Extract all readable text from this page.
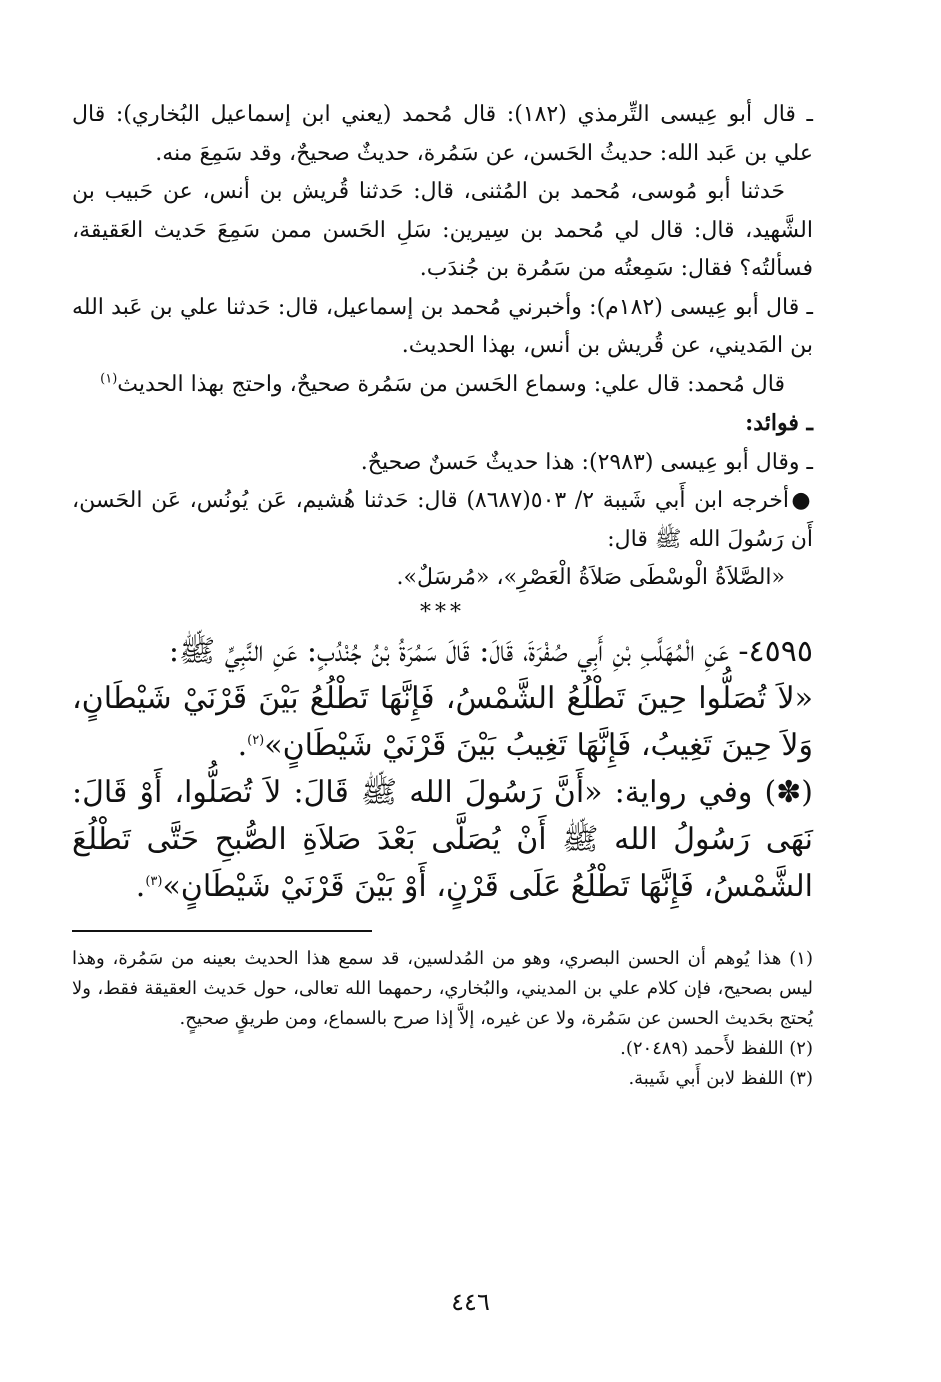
ـ قال أبو عِيسى التِّرمذي (١٨٢): قال مُحمد (يعني ابن إسماعيل البُخاري): قال علي بن عَبد الله: حديثُ الحَسن، عن سَمُرة، حديثٌ صحيحٌ، وقد سَمِعَ منه.

حَدثنا أبو مُوسى، مُحمد بن المُثنى، قال: حَدثنا قُريش بن أنس، عن حَبيب بن الشَّهيد، قال: قال لي مُحمد بن سِيرين: سَلِ الحَسن ممن سَمِعَ حَديث العَقيقة، فسألتُه؟ فقال: سَمِعتُه من سَمُرة بن جُندَب.

ـ قال أبو عِيسى (١٨٢م): وأخبرني مُحمد بن إسماعيل، قال: حَدثنا علي بن عَبد الله بن المَديني، عن قُريش بن أنس، بهذا الحديث.

قال مُحمد: قال علي: وسماع الحَسن من سَمُرة صحيحٌ، واحتج بهذا الحديث$^{(١)}$

ـ فوائد:

ـ وقال أبو عِيسى (٢٩٨٣): هذا حديثٌ حَسنٌ صحيحٌ.

●أخرجه ابن أَبي شَيبة ٢/ ٥٠٣(٨٦٨٧) قال: حَدثنا هُشيم، عَن يُونُس، عَن الحَسن، أَن رَسُولَ الله ﷺ قال:

«الصَّلاَةُ الْوسْطَى صَلاَةُ الْعَصْرِ»، «مُرسَلٌ».

***

٤٥٩٥- عَنِ الْمُهَلَّبِ بْنِ أَبِي صُفْرَةَ، قَالَ: قَالَ سَمُرَةُ بْنُ جُنْدُبٍ: عَنِ النَّبِيِّ ﷺ:

«لاَ تُصَلُّوا حِينَ تَطْلُعُ الشَّمْسُ، فَإِنَّهَا تَطْلُعُ بَيْنَ قَرْنَيْ شَيْطَانٍ، وَلاَ حِينَ تَغِيبُ، فَإِنَّهَا تَغِيبُ بَيْنَ قَرْنَيْ شَيْطَانٍ»$^{(٢)}$.

(✽) وفي رواية: «أَنَّ رَسُولَ الله ﷺ قَالَ: لاَ تُصَلُّوا، أَوْ قَالَ: نَهَى رَسُولُ الله ﷺ أَنْ يُصَلَّى بَعْدَ صَلاَةِ الصُّبحِ حَتَّى تَطْلُعَ الشَّمْسُ، فَإِنَّهَا تَطْلُعُ عَلَى قَرْنٍ، أَوْ بَيْنَ قَرْنَيْ شَيْطَانٍ»$^{(٣)}$.

(١) هذا يُوهم أن الحسن البصري، وهو من المُدلسين، قد سمع هذا الحديث بعينه من سَمُرة، وهذا ليس بصحيح، فإن كلام علي بن المديني، والبُخاري، رحمهما الله تعالى، حول حَديث العقيقة فقط، ولا يُحتج بحَديث الحسن عن سَمُرة، ولا عن غيره، إلاَّ إذا صرح بالسماع، ومن طريقٍ صحيحٍ.

(٢) اللفظ لأَحمد (٢٠٤٨٩).

(٣) اللفظ لابن أَبي شَيبة.

٤٤٦
